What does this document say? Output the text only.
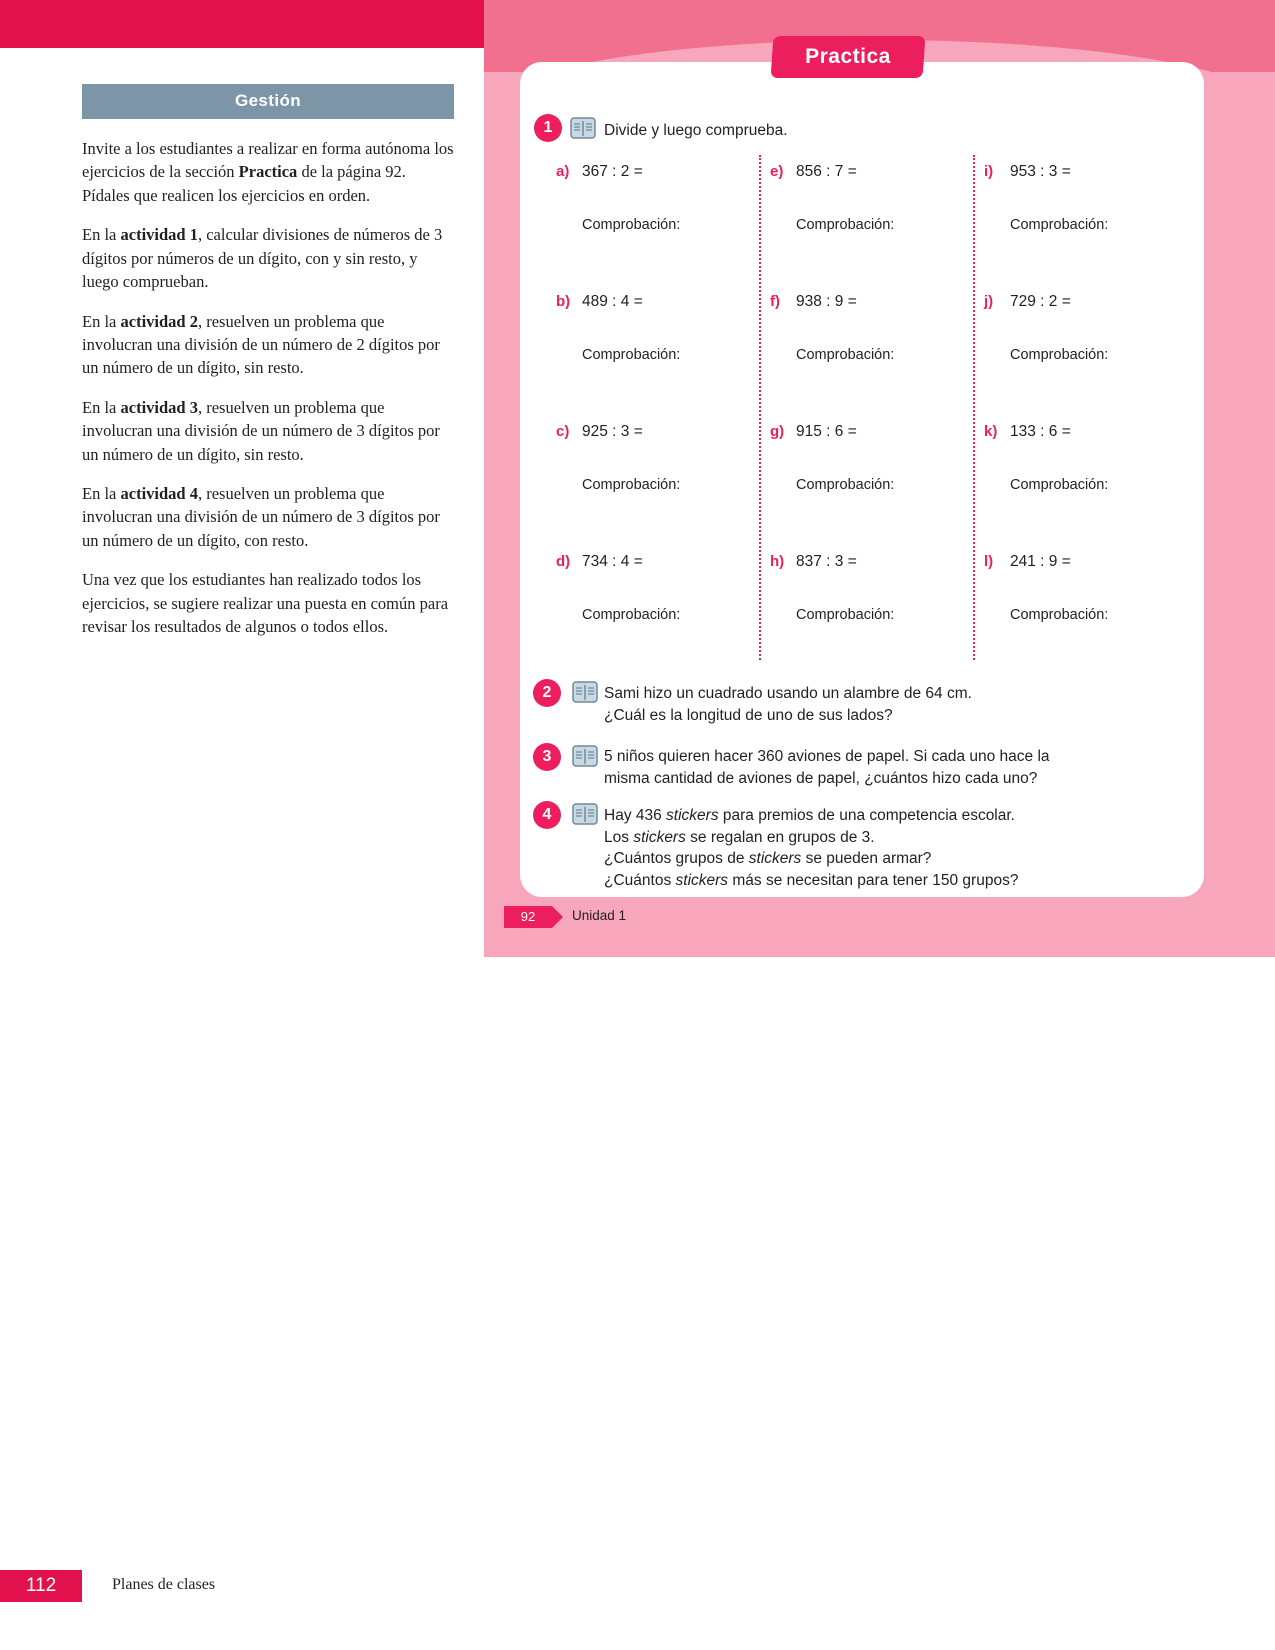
Gestión

Invite a los estudiantes a realizar en forma autónoma los ejercicios de la sección Practica de la página 92. Pídales que realicen los ejercicios en orden.

En la actividad 1, calcular divisiones de números de 3 dígitos por números de un dígito, con y sin resto, y luego comprueban.

En la actividad 2, resuelven un problema que involucran una división de un número de 2 dígitos por un número de un dígito, sin resto.

En la actividad 3, resuelven un problema que involucran una división de un número de 3 dígitos por un número de un dígito, sin resto.

En la actividad 4, resuelven un problema que involucran una división de un número de 3 dígitos por un número de un dígito, con resto.

Una vez que los estudiantes han realizado todos los ejercicios, se sugiere realizar una puesta en común para revisar los resultados de algunos o todos ellos.

92	Unidad 1
Practica
1	Divide y luego comprueba.
a) 367 : 2 =
Comprobación:
b) 489 : 4 =
Comprobación:
c) 925 : 3 =
Comprobación:
d) 734 : 4 =
Comprobación:
e) 856 : 7 =
Comprobación:
f) 938 : 9 =
Comprobación:
g) 915 : 6 =
Comprobación:
h) 837 : 3 =
Comprobación:
i) 953 : 3 =
Comprobación:
j) 729 : 2 =
Comprobación:
k) 133 : 6 =
Comprobación:
l) 241 : 9 =
Comprobación:
2	Sami hizo un cuadrado usando un alambre de 64 cm.
¿Cuál es la longitud de uno de sus lados?
3	5 niños quieren hacer 360 aviones de papel. Si cada uno hace la
misma cantidad de aviones de papel, ¿cuántos hizo cada uno?
4	Hay 436 stickers para premios de una competencia escolar.
Los stickers se regalan en grupos de 3.
¿Cuántos grupos de stickers se pueden armar?
¿Cuántos stickers más se necesitan para tener 150 grupos?
112	Planes de clases
